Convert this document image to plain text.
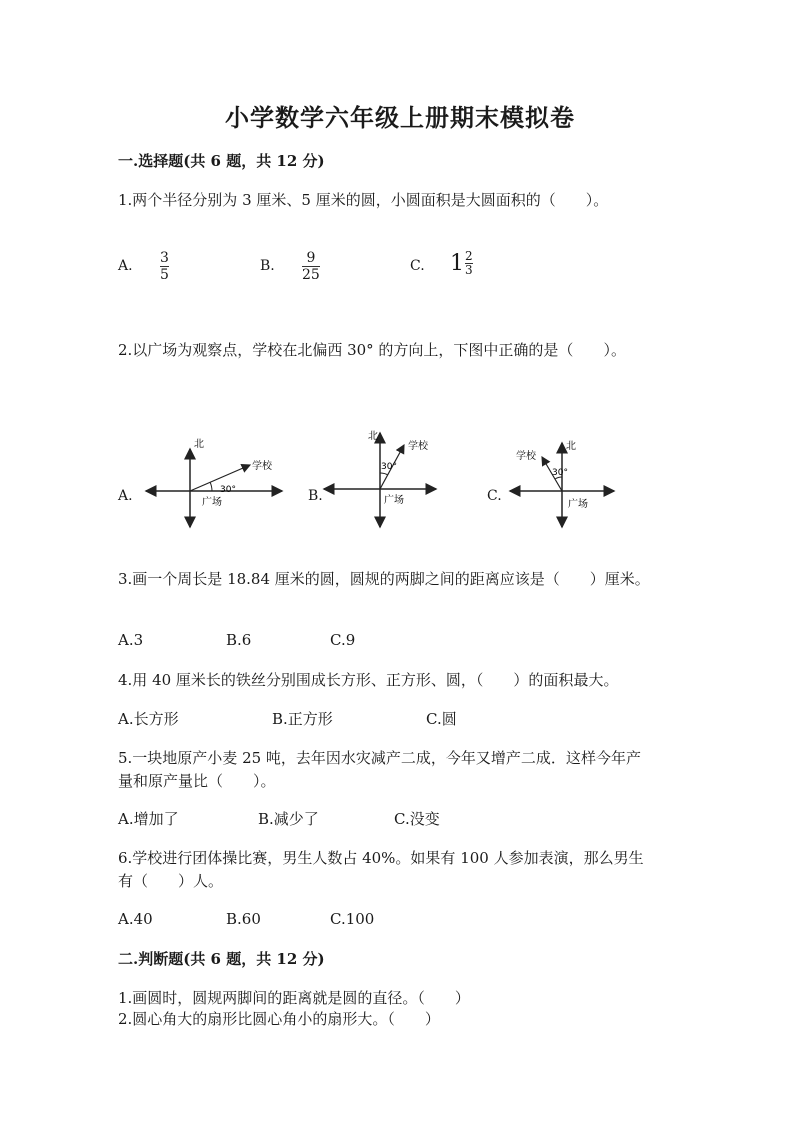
小学数学六年级上册期末模拟卷
一.选择题(共 6 题，共 12 分)
1.两个半径分别为 3 厘米、5 厘米的圆，小圆面积是大圆面积的（　　）。
A. 3
5
B. 9
25
C. $1 \frac{2}{3}$
2.以广场为观察点，学校在北偏西 30° 的方向上，下图中正确的是（　　）。
A.
北
学校
广场
30°	B.
北
学校
广场
30°
C.
北
学校
广场
30°
3.画一个周长是 18.84 厘米的圆，圆规的两脚之间的距离应该是（　　）厘米。
A.3	B.6	C.9
4.用 40 厘米长的铁丝分别围成长方形、正方形、圆，（　　）的面积最大。
A.长方形	B.正方形	C.圆
5.一块地原产小麦 25 吨，去年因水灾减产二成，今年又增产二成．这样今年产
量和原产量比（　　）。
A.增加了	B.减少了	C.没变
6.学校进行团体操比赛，男生人数占 40%。如果有 100 人参加表演，那么男生
有（　　）人。
A.40	B.60	C.100
二.判断题(共 6 题，共 12 分)
1.画圆时，圆规两脚间的距离就是圆的直径。（　　）
2.圆心角大的扇形比圆心角小的扇形大。（　　）
